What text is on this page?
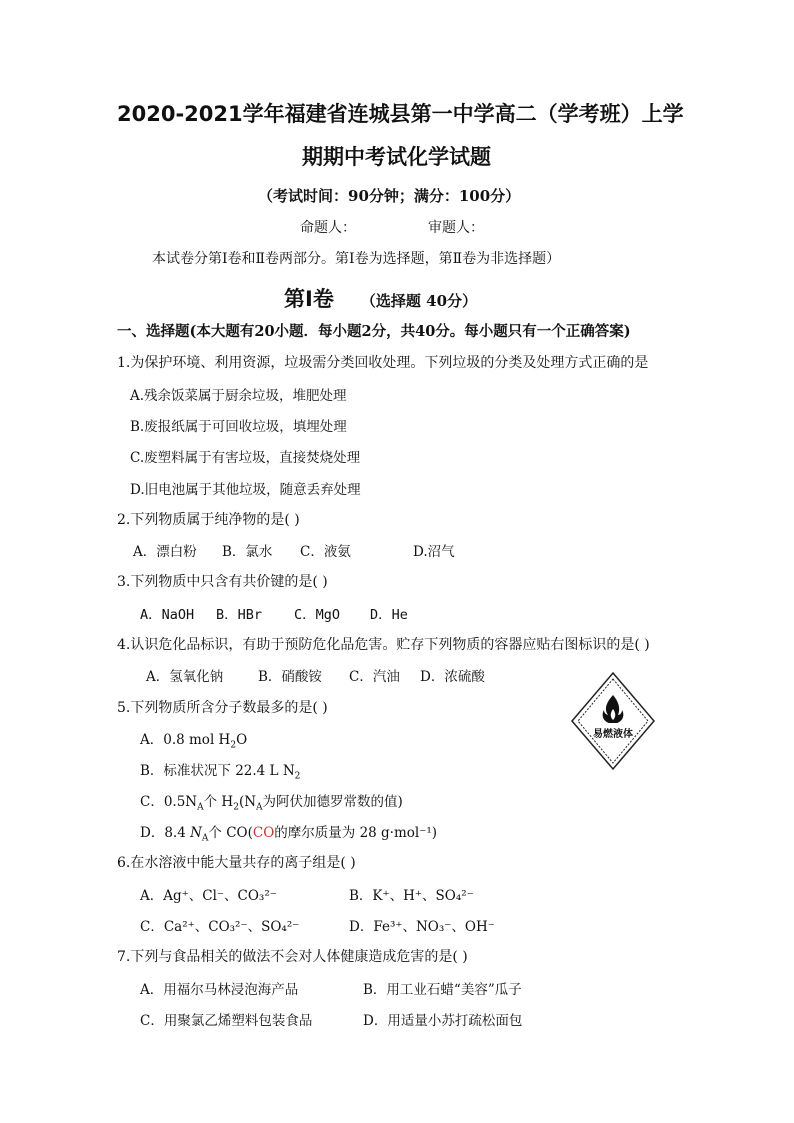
2020-2021学年福建省连城县第一中学高二（学考班）上学
期期中考试化学试题
（考试时间：90分钟；满分：100分）
命题人：	审题人：
本试卷分第Ⅰ卷和Ⅱ卷两部分。第Ⅰ卷为选择题，第Ⅱ卷为非选择题）
第Ⅰ卷 （选择题 40分）
一、选择题(本大题有20小题．每小题2分，共40分。每小题只有一个正确答案)
1.为保护环境、利用资源，垃圾需分类回收处理。下列垃圾的分类及处理方式正确的是
A.残余饭菜属于厨余垃圾，堆肥处理
B.废报纸属于可回收垃圾，填埋处理
C.废塑料属于有害垃圾，直接焚烧处理
D.旧电池属于其他垃圾，随意丢弃处理
2.下列物质属于纯净物的是( )
A．漂白粉 B．氯水 C．液氨	D.沼气
3.下列物质中只含有共价键的是( )
A．NaOH B．HBr C．MgO D．He
4.认识危化品标识，有助于预防危化品危害。贮存下列物质的容器应贴右图标识的是( )
A．氢氧化钠	B．硝酸铵 C．汽油 D．浓硫酸
易燃液体
5.下列物质所含分子数最多的是( )
A．0.8 mol $H_2O$
B．标准状况下 22.4 L $N_2$
C．$0.5N_A$个 $H_2(N_A$为阿伏加德罗常数的值)
D．8.4 $N_A$个 CO(CO的摩尔质量为 28 g·mol⁻¹)
6.在水溶液中能大量共存的离子组是( )
A．Ag⁺、Cl⁻、CO₃²⁻	B．K⁺、H⁺、SO₄²⁻
C．Ca²⁺、CO₃²⁻、SO₄²⁻	D．Fe³⁺、NO₃⁻、OH⁻
7.下列与食品相关的做法不会对人体健康造成危害的是( )
A．用福尔马林浸泡海产品	B．用工业石蜡“美容”瓜子
C．用聚氯乙烯塑料包装食品	D．用适量小苏打疏松面包
